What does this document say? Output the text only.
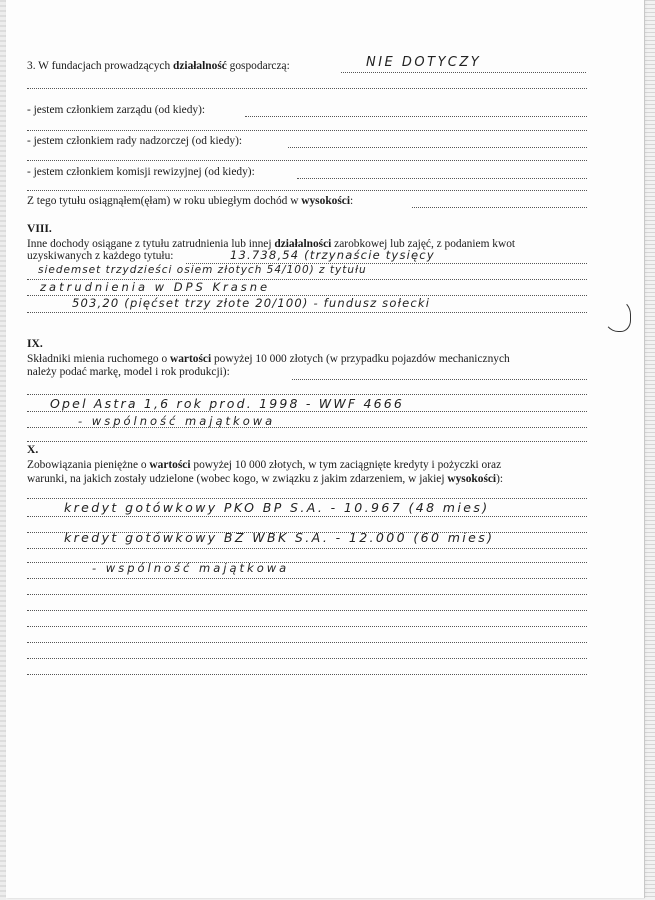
3. W fundacjach prowadzących działalność gospodarczą:	NIE DOTYCZY
- jestem członkiem zarządu (od kiedy):
- jestem członkiem rady nadzorczej (od kiedy):
- jestem członkiem komisji rewizyjnej (od kiedy):
Z tego tytułu osiągnąłem(ęłam) w roku ubiegłym dochód w wysokości:
VIII.
Inne dochody osiągane z tytułu zatrudnienia lub innej działalności zarobkowej lub zajęć, z podaniem kwot
uzyskiwanych z każdego tytułu:	13.738,54 (trzynaście tysięcy
siedemset trzydzieści osiem złotych 54/100) z tytułu
zatrudnienia w DPS Krasne
503,20 (pięćset trzy złote 20/100) - fundusz sołecki
IX.
Składniki mienia ruchomego o wartości powyżej 10 000 złotych (w przypadku pojazdów mechanicznych
należy podać markę, model i rok produkcji):
Opel Astra 1,6 rok prod. 1998 - WWF 4666
- wspólność majątkowa
X.
Zobowiązania pieniężne o wartości powyżej 10 000 złotych, w tym zaciągnięte kredyty i pożyczki oraz
warunki, na jakich zostały udzielone (wobec kogo, w związku z jakim zdarzeniem, w jakiej wysokości):
kredyt gotówkowy PKO BP S.A. - 10.967 (48 mies)
kredyt gotówkowy BZ WBK S.A. - 12.000 (60 mies)
- wspólność majątkowa
